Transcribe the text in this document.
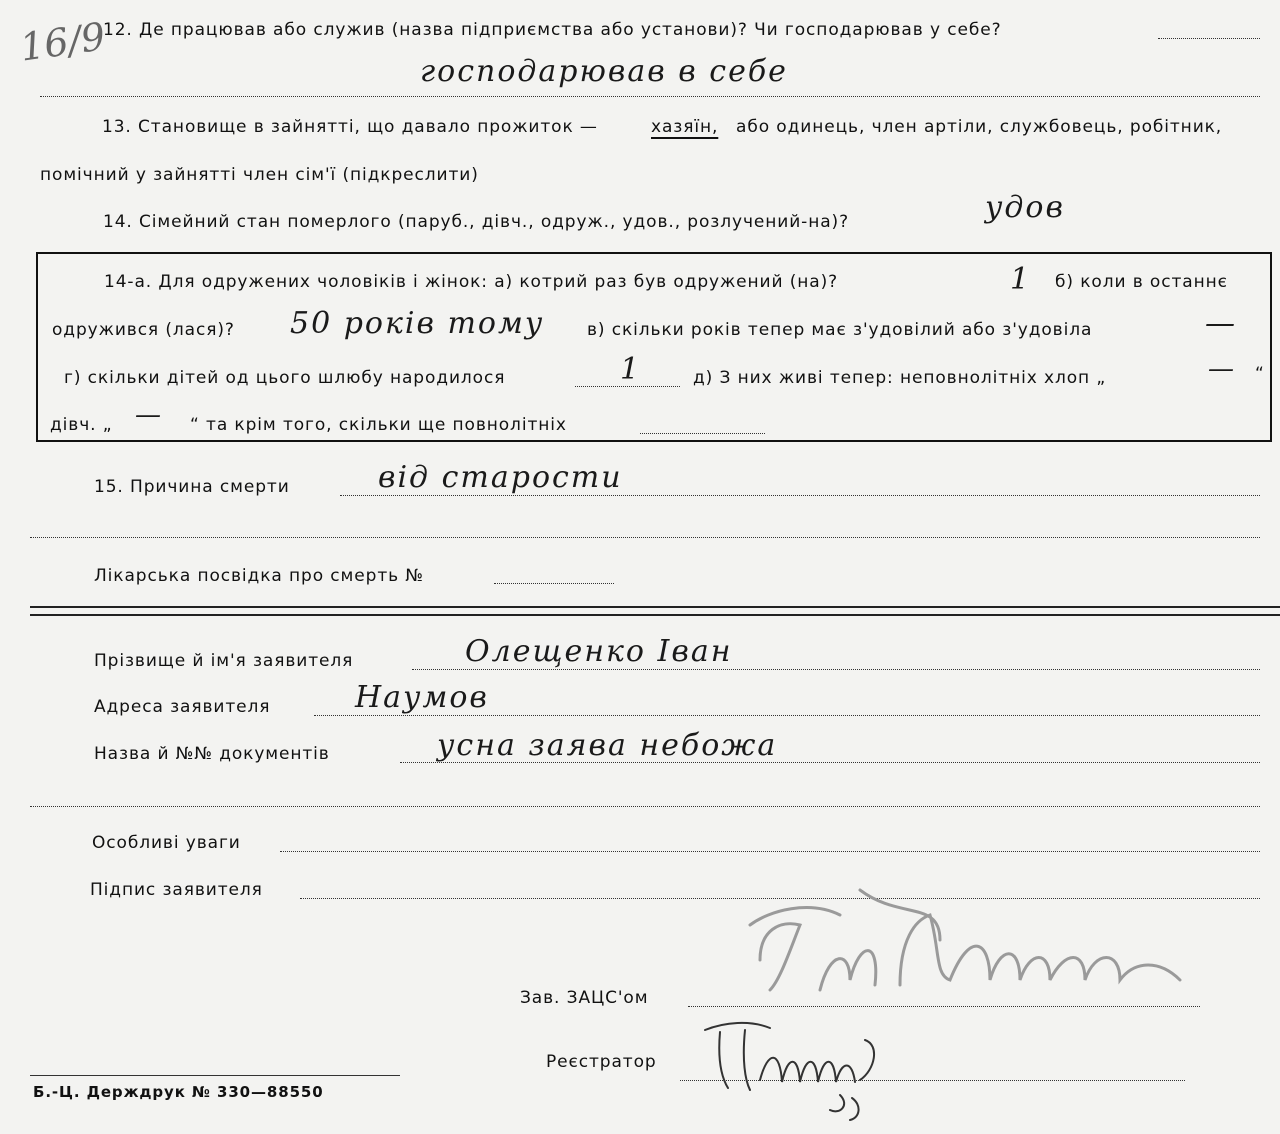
16/9
12. Де працював або служив (назва підприємства або установи)? Чи господарював у себе?
господарював в себе
13. Становище в зайнятті, що давало прожиток —	хазяїн, або одинець, член артіли, службовець, робітник,
помічний у зайнятті член сім'ї (підкреслити)
14. Сімейний стан померлого (паруб., дівч., одруж., удов., розлучений-на)?	удов
14-а. Для одружених чоловіків і жінок: а) котрий раз був одружений (на)?	1 б) коли в останнє
одружився (лася)? 50 років тому	в) скільки років тепер має з'удовілий або з'удовіла	—
г) скільки дітей од цього шлюбу народилося	1	д) З них живі тепер: неповнолітніх хлоп „	— “
дівч. „ — “ та крім того, скільки ще повнолітніх
15. Причина смерти	від старости
Лікарська посвідка про смерть №
Прізвище й ім'я заявителя	Олещенко Іван
Адреса заявителя	Наумов
Назва й №№ документів	усна заява небожа
Особливі уваги
Підпис заявителя
Зав. ЗАЦС'ом
Реєстратор
Б.-Ц. Держдрук № 330—88550
